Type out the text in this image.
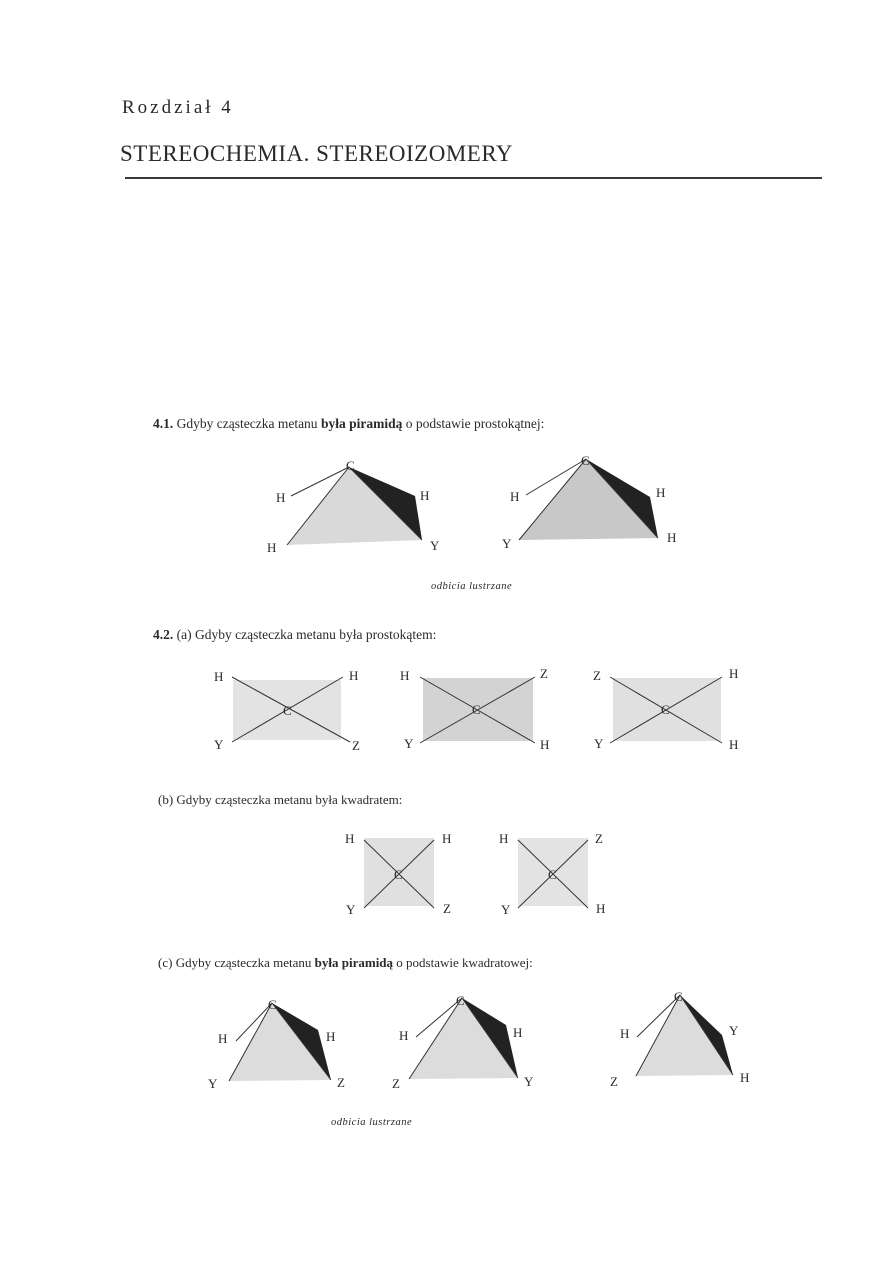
Rozdział 4
STEREOCHEMIA. STEREOIZOMERY
4.1. Gdyby cząsteczka metanu była piramidą o podstawie prostokątnej:
C
H
H
H
Y
C
H
Y
H
H
odbicia lustrzane
4.2. (a) Gdyby cząsteczka metanu była prostokątem:
C
H	H
Y	Z
C
H	Z
Y	H
C
Z	H
Y	H
(b) Gdyby cząsteczka metanu była kwadratem:
C
H	H
Y	Z
C
H	Z
Y	H
(c) Gdyby cząsteczka metanu była piramidą o podstawie kwadratowej:
C
H
Y
H
Z
C
H
Z
H
Y
C
H
Z
Y
H
odbicia lustrzane
